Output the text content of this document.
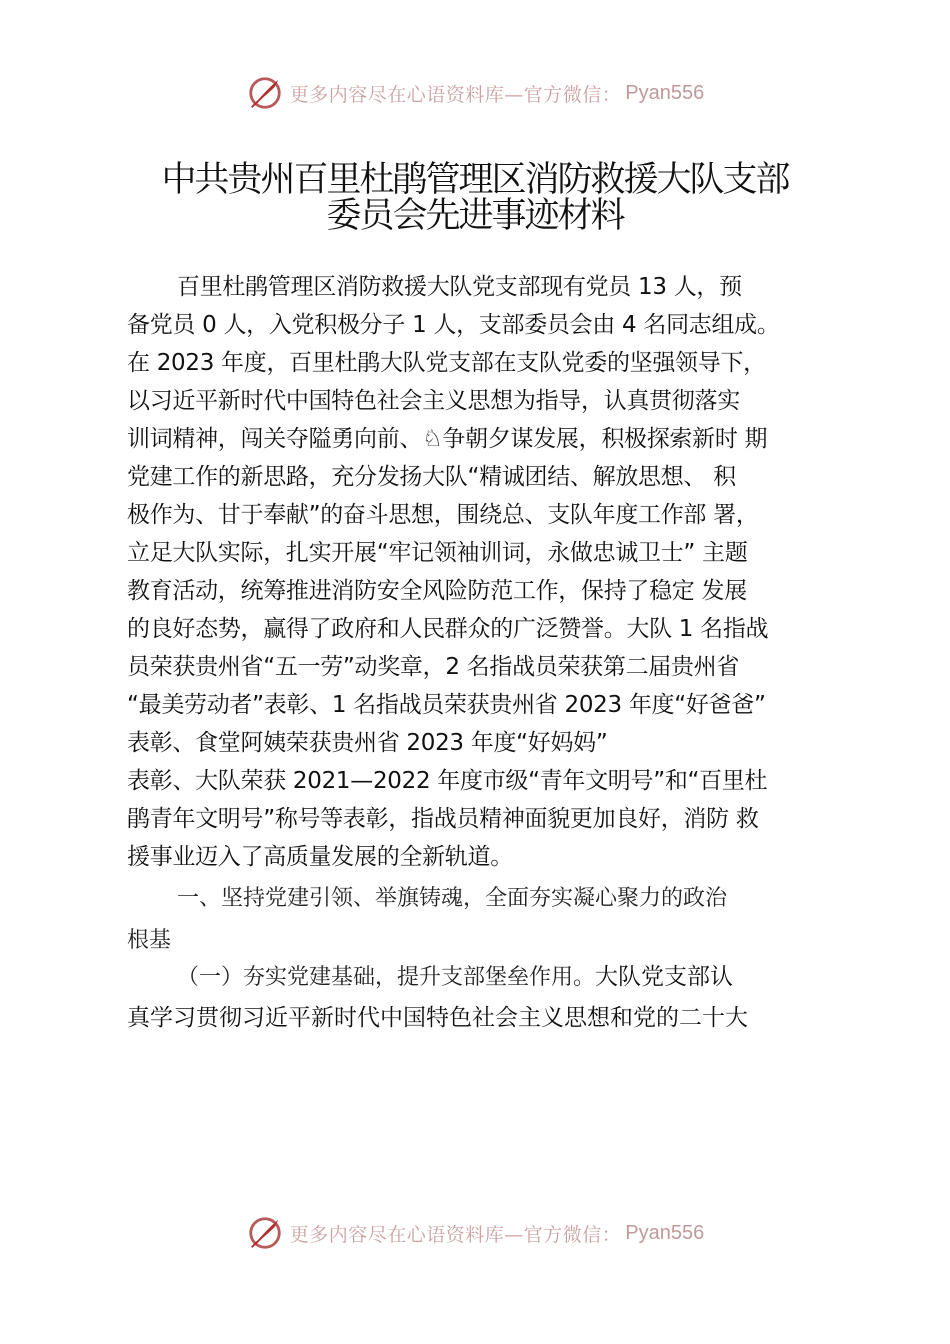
更多内容尽在心语资料库—官方微信： Pyan556
中共贵州百里杜鹃管理区消防救援大队支部
委员会先进事迹材料
百里杜鹃管理区消防救援大队党支部现有党员 13 人，预
备党员 0 人，入党积极分子 1 人，支部委员会由 4 名同志组成。
在 2023 年度，百里杜鹃大队党支部在支队党委的坚强领导下，
以习近平新时代中国特色社会主义思想为指导，认真贯彻落实
训词精神，闯关夺隘勇向前、♘争朝夕谋发展，积极探索新时 期
党建工作的新思路，充分发扬大队“精诚团结、解放思想、 积
极作为、甘于奉献”的奋斗思想，围绕总、支队年度工作部 署，
立足大队实际，扎实开展“牢记领袖训词，永做忠诚卫士” 主题
教育活动，统筹推进消防安全风险防范工作，保持了稳定 发展
的良好态势，赢得了政府和人民群众的广泛赞誉。大队 1 名指战
员荣获贵州省“五一劳”动奖章，2 名指战员荣获第二届贵州省
“最美劳动者”表彰、1 名指战员荣获贵州省 2023 年度“好爸爸”
表彰、食堂阿姨荣获贵州省 2023 年度“好妈妈”
表彰、大队荣获 2021—2022 年度市级“青年文明号”和“百里杜
鹃青年文明号”称号等表彰，指战员精神面貌更加良好，消防 救
援事业迈入了高质量发展的全新轨道。
一、坚持党建引领、举旗铸魂，全面夯实凝心聚力的政治
根基
（一）夯实党建基础，提升支部堡垒作用。大队党支部认
真学习贯彻习近平新时代中国特色社会主义思想和党的二十大
更多内容尽在心语资料库—官方微信： Pyan556
